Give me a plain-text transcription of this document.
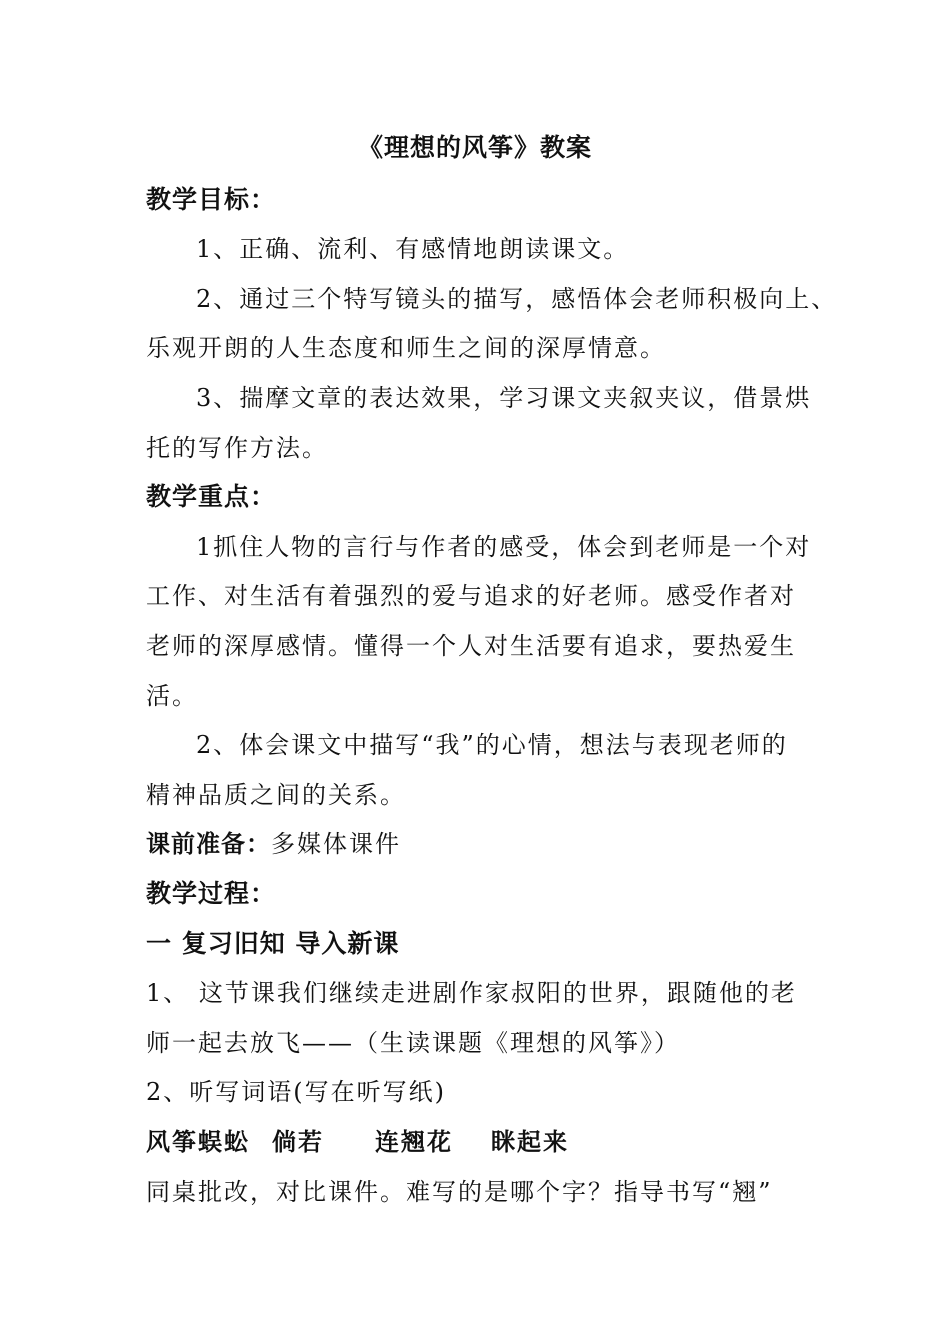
《理想的风筝》教案
教学目标：
1、正确、流利、有感情地朗读课文。
2、通过三个特写镜头的描写，感悟体会老师积极向上、
乐观开朗的人生态度和师生之间的深厚情意。
3、揣摩文章的表达效果，学习课文夹叙夹议，借景烘
托的写作方法。
教学重点：
1抓住人物的言行与作者的感受，体会到老师是一个对
工作、对生活有着强烈的爱与追求的好老师。感受作者对
老师的深厚感情。懂得一个人对生活要有追求，要热爱生
活。
2、体会课文中描写“我”的心情，想法与表现老师的
精神品质之间的关系。
课前准备：多媒体课件
教学过程：
一 复习旧知 导入新课
1、 这节课我们继续走进剧作家叔阳的世界，跟随他的老
师一起去放飞——（生读课题《理想的风筝》）
2、听写词语(写在听写纸)
风筝蜈蚣 倘若 连翘花 眯起来
同桌批改，对比课件。难写的是哪个字？指导书写“翘”
